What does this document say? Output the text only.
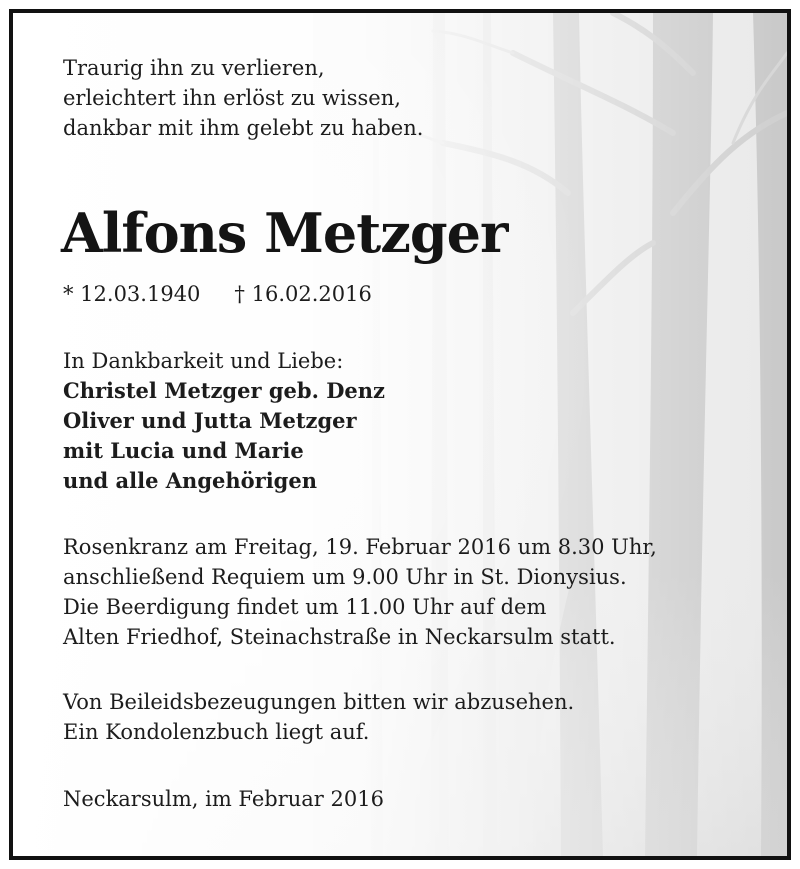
Traurig ihn zu verlieren,
erleichtert ihn erlöst zu wissen,
dankbar mit ihm gelebt zu haben.

Alfons Metzger

* 12.03.1940 † 16.02.2016

In Dankbarkeit und Liebe:
Christel Metzger geb. Denz
Oliver und Jutta Metzger
mit Lucia und Marie
und alle Angehörigen

Rosenkranz am Freitag, 19. Februar 2016 um 8.30 Uhr,
anschließend Requiem um 9.00 Uhr in St. Dionysius.
Die Beerdigung findet um 11.00 Uhr auf dem
Alten Friedhof, Steinachstraße in Neckarsulm statt.

Von Beileidsbezeugungen bitten wir abzusehen.
Ein Kondolenzbuch liegt auf.

Neckarsulm, im Februar 2016
